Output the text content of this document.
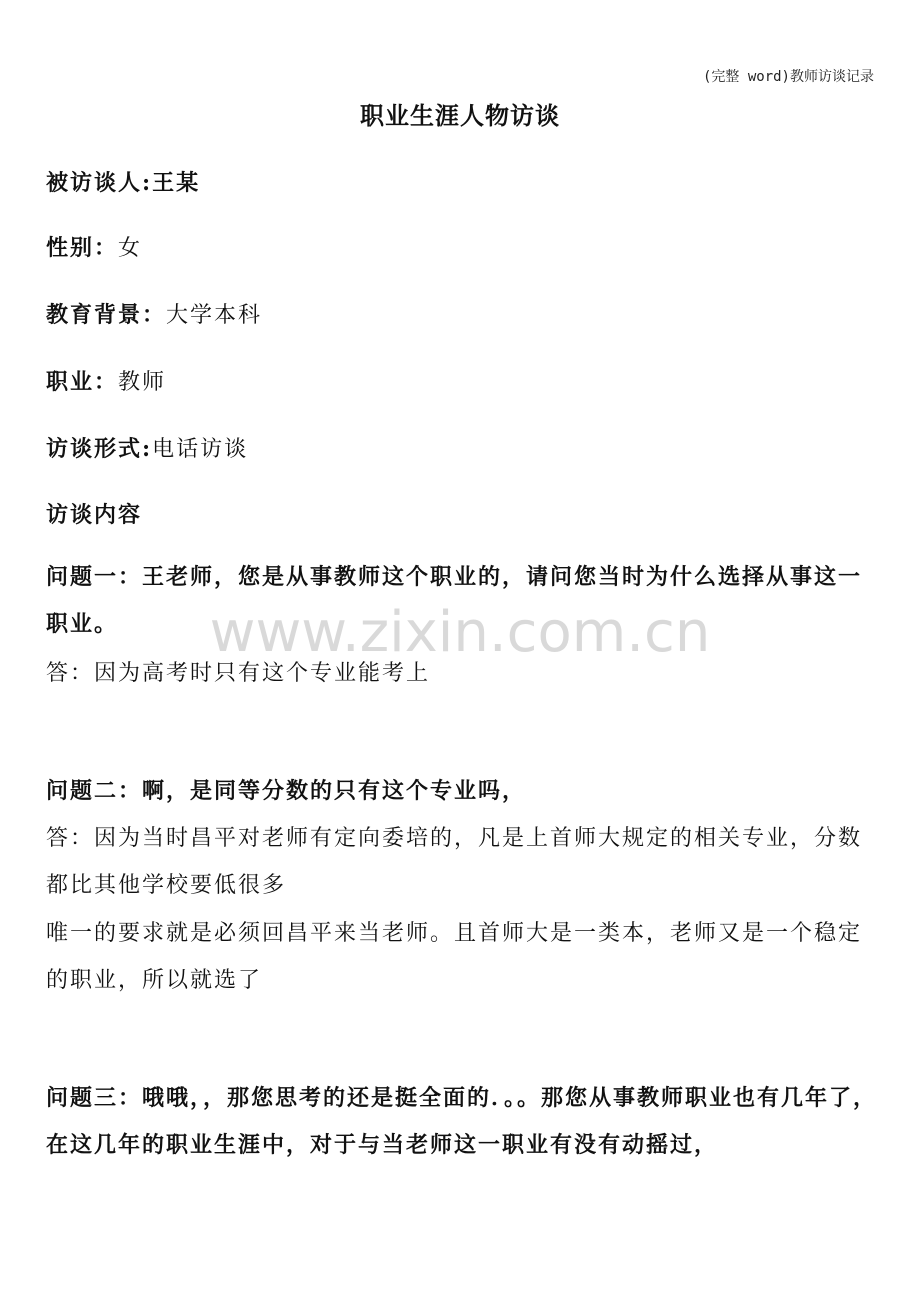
(完整 word)教师访谈记录
职业生涯人物访谈
被访谈人:王某
性别：女
教育背景：大学本科
职业：教师
访谈形式:电话访谈
访谈内容
问题一：王老师，您是从事教师这个职业的，请问您当时为什么选择从事这一职业。
答：因为高考时只有这个专业能考上
问题二：啊，是同等分数的只有这个专业吗，
答：因为当时昌平对老师有定向委培的，凡是上首师大规定的相关专业，分数都比其他学校要低很多
唯一的要求就是必须回昌平来当老师。且首师大是一类本，老师又是一个稳定的职业，所以就选了
问题三：哦哦，，那您思考的还是挺全面的．。。那您从事教师职业也有几年了，在这几年的职业生涯中，对于与当老师这一职业有没有动摇过，
www.zixin.com.cn
